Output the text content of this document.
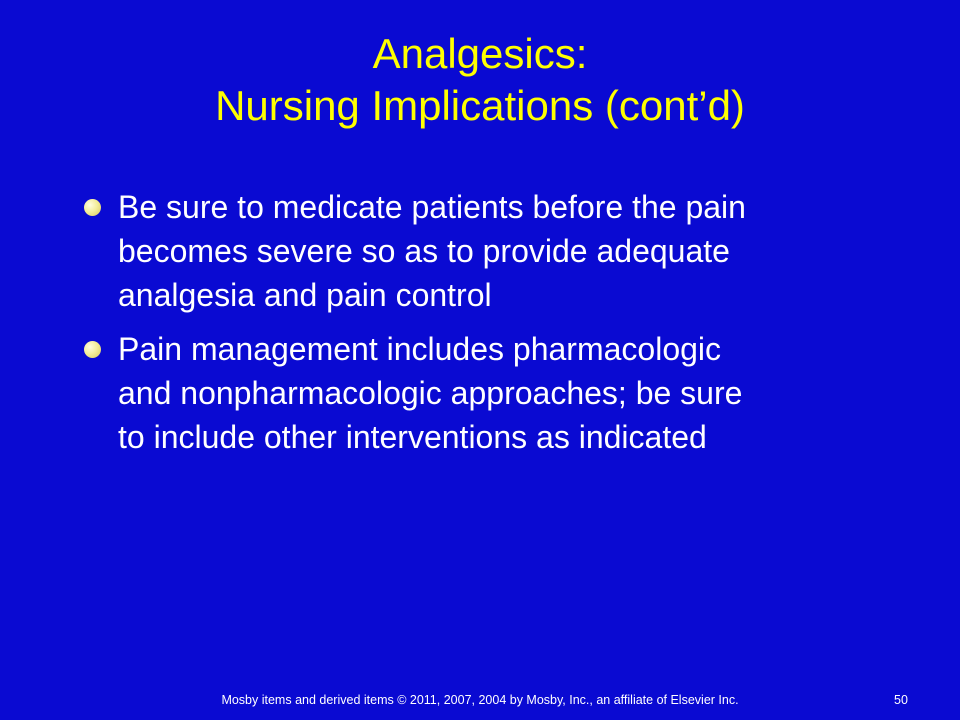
Analgesics:
Nursing Implications (cont’d)
Be sure to medicate patients before the pain
becomes severe so as to provide adequate
analgesia and pain control
Pain management includes pharmacologic
and nonpharmacologic approaches; be sure
to include other interventions as indicated
Mosby items and derived items © 2011, 2007, 2004 by Mosby, Inc., an affiliate of Elsevier Inc.	50
